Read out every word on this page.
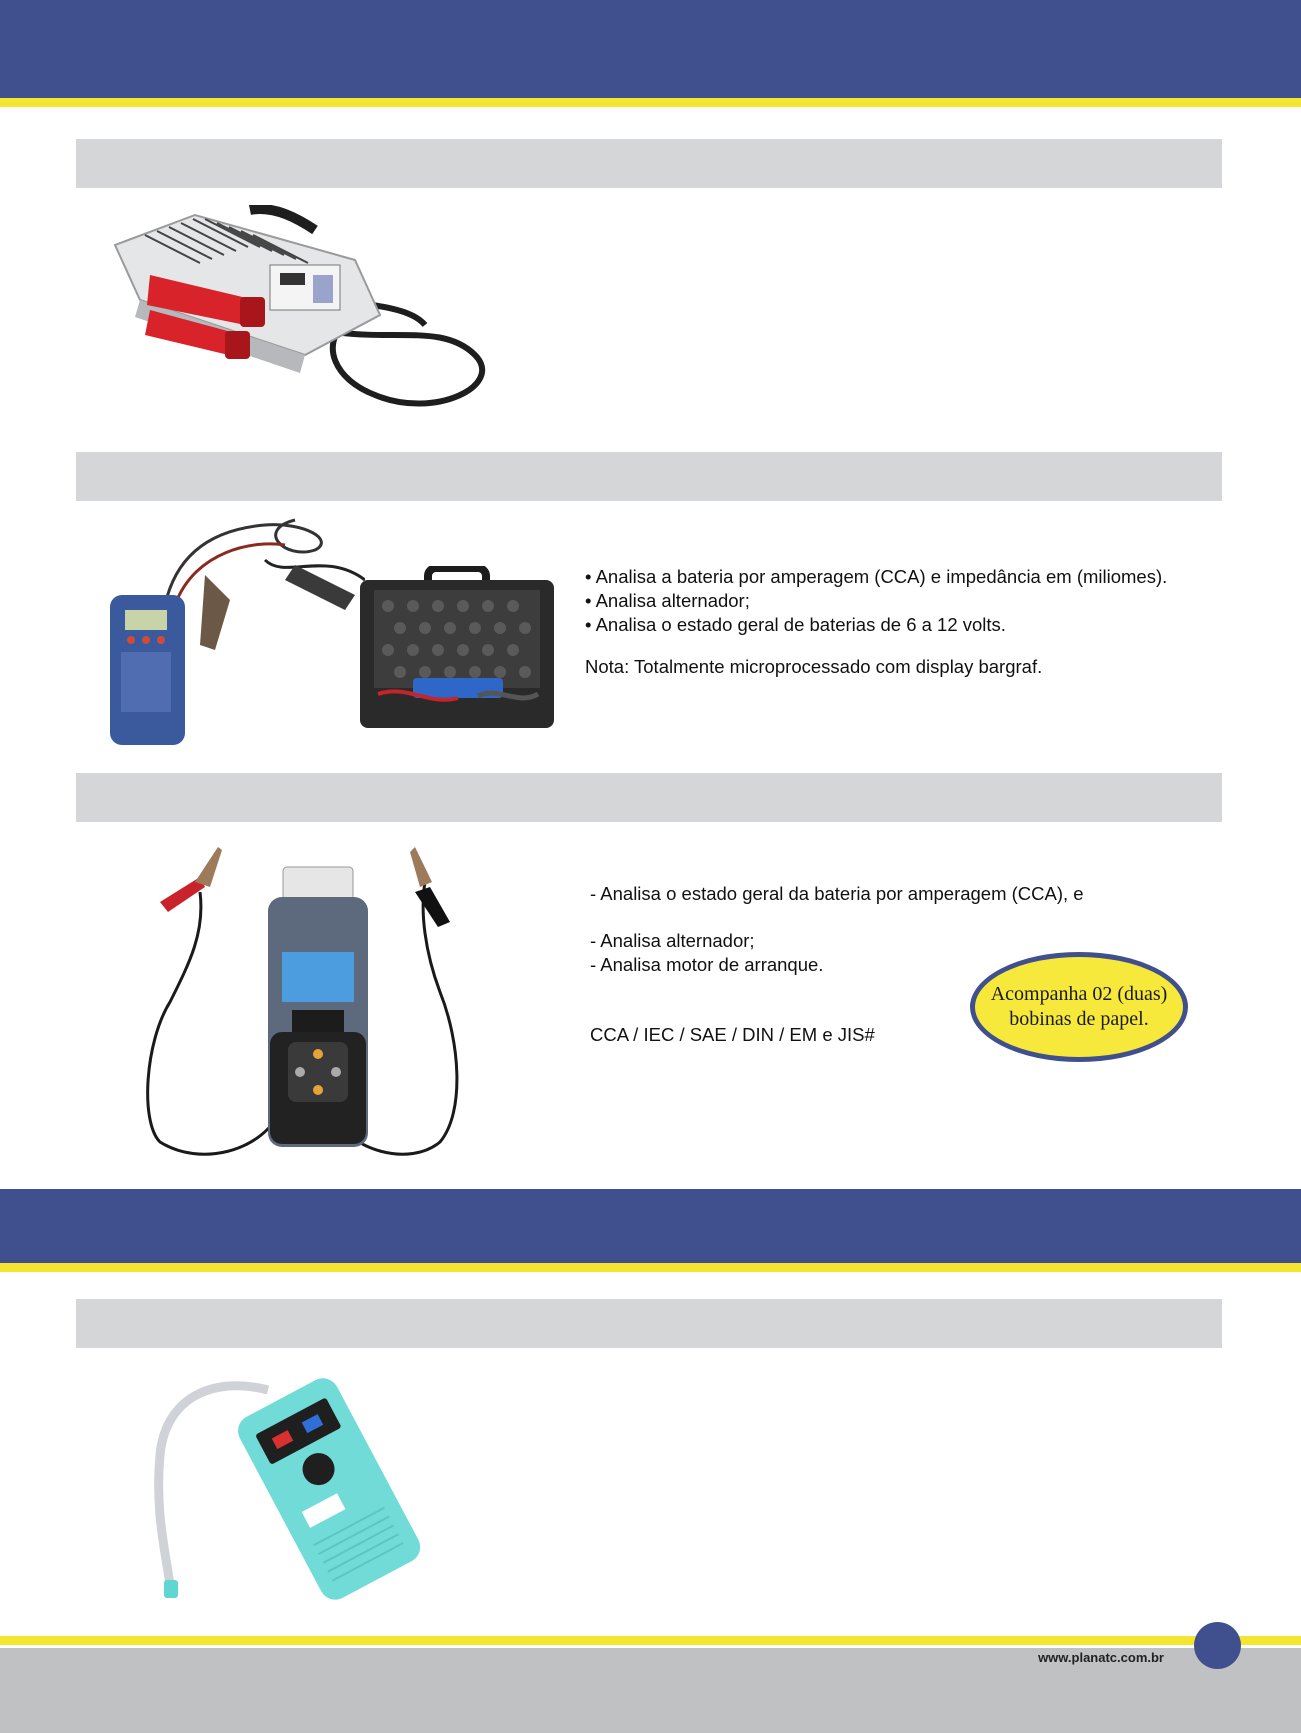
• Analisa a bateria por amperagem (CCA) e impedância em (miliomes).

• Analisa alternador;

• Analisa o estado geral de baterias de 6 a 12 volts.

Nota: Totalmente microprocessado com display bargraf.

- Analisa o estado geral da bateria por amperagem (CCA), e

- Analisa alternador;

- Analisa motor de arranque.

CCA / IEC / SAE / DIN / EM e JIS#

Acompanha 02 (duas)
bobinas de papel.
www.planatc.com.br
